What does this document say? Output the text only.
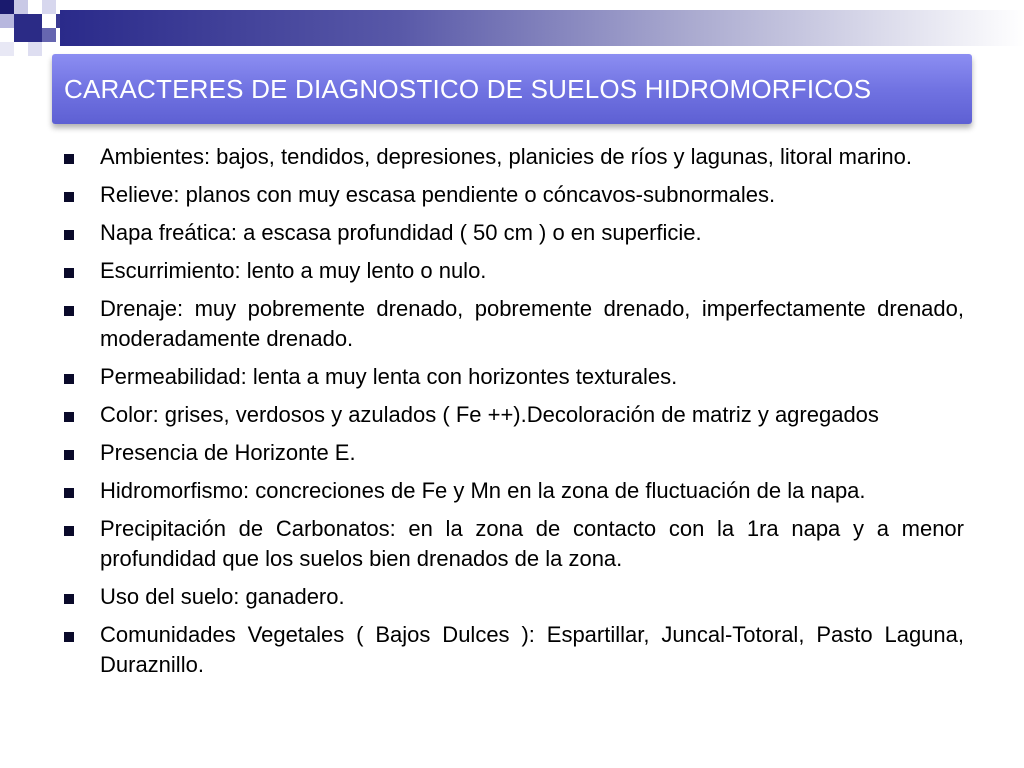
CARACTERES DE DIAGNOSTICO DE SUELOS HIDROMORFICOS
Ambientes: bajos, tendidos, depresiones, planicies de ríos y lagunas, litoral marino.
Relieve: planos con muy escasa pendiente o cóncavos-subnormales.
Napa freática: a escasa profundidad ( 50 cm ) o en superficie.
Escurrimiento: lento a muy lento o nulo.
Drenaje: muy pobremente drenado, pobremente drenado, imperfectamente drenado, moderadamente drenado.
Permeabilidad: lenta a muy lenta con horizontes texturales.
Color: grises, verdosos y azulados ( Fe ++).Decoloración de matriz y agregados
Presencia de Horizonte E.
Hidromorfismo: concreciones de Fe y Mn en la zona de fluctuación de la napa.
Precipitación de Carbonatos: en la zona de contacto con la 1ra napa y a menor profundidad que los suelos bien drenados de la zona.
Uso del suelo: ganadero.
Comunidades Vegetales ( Bajos Dulces ): Espartillar, Juncal-Totoral, Pasto Laguna, Duraznillo.
